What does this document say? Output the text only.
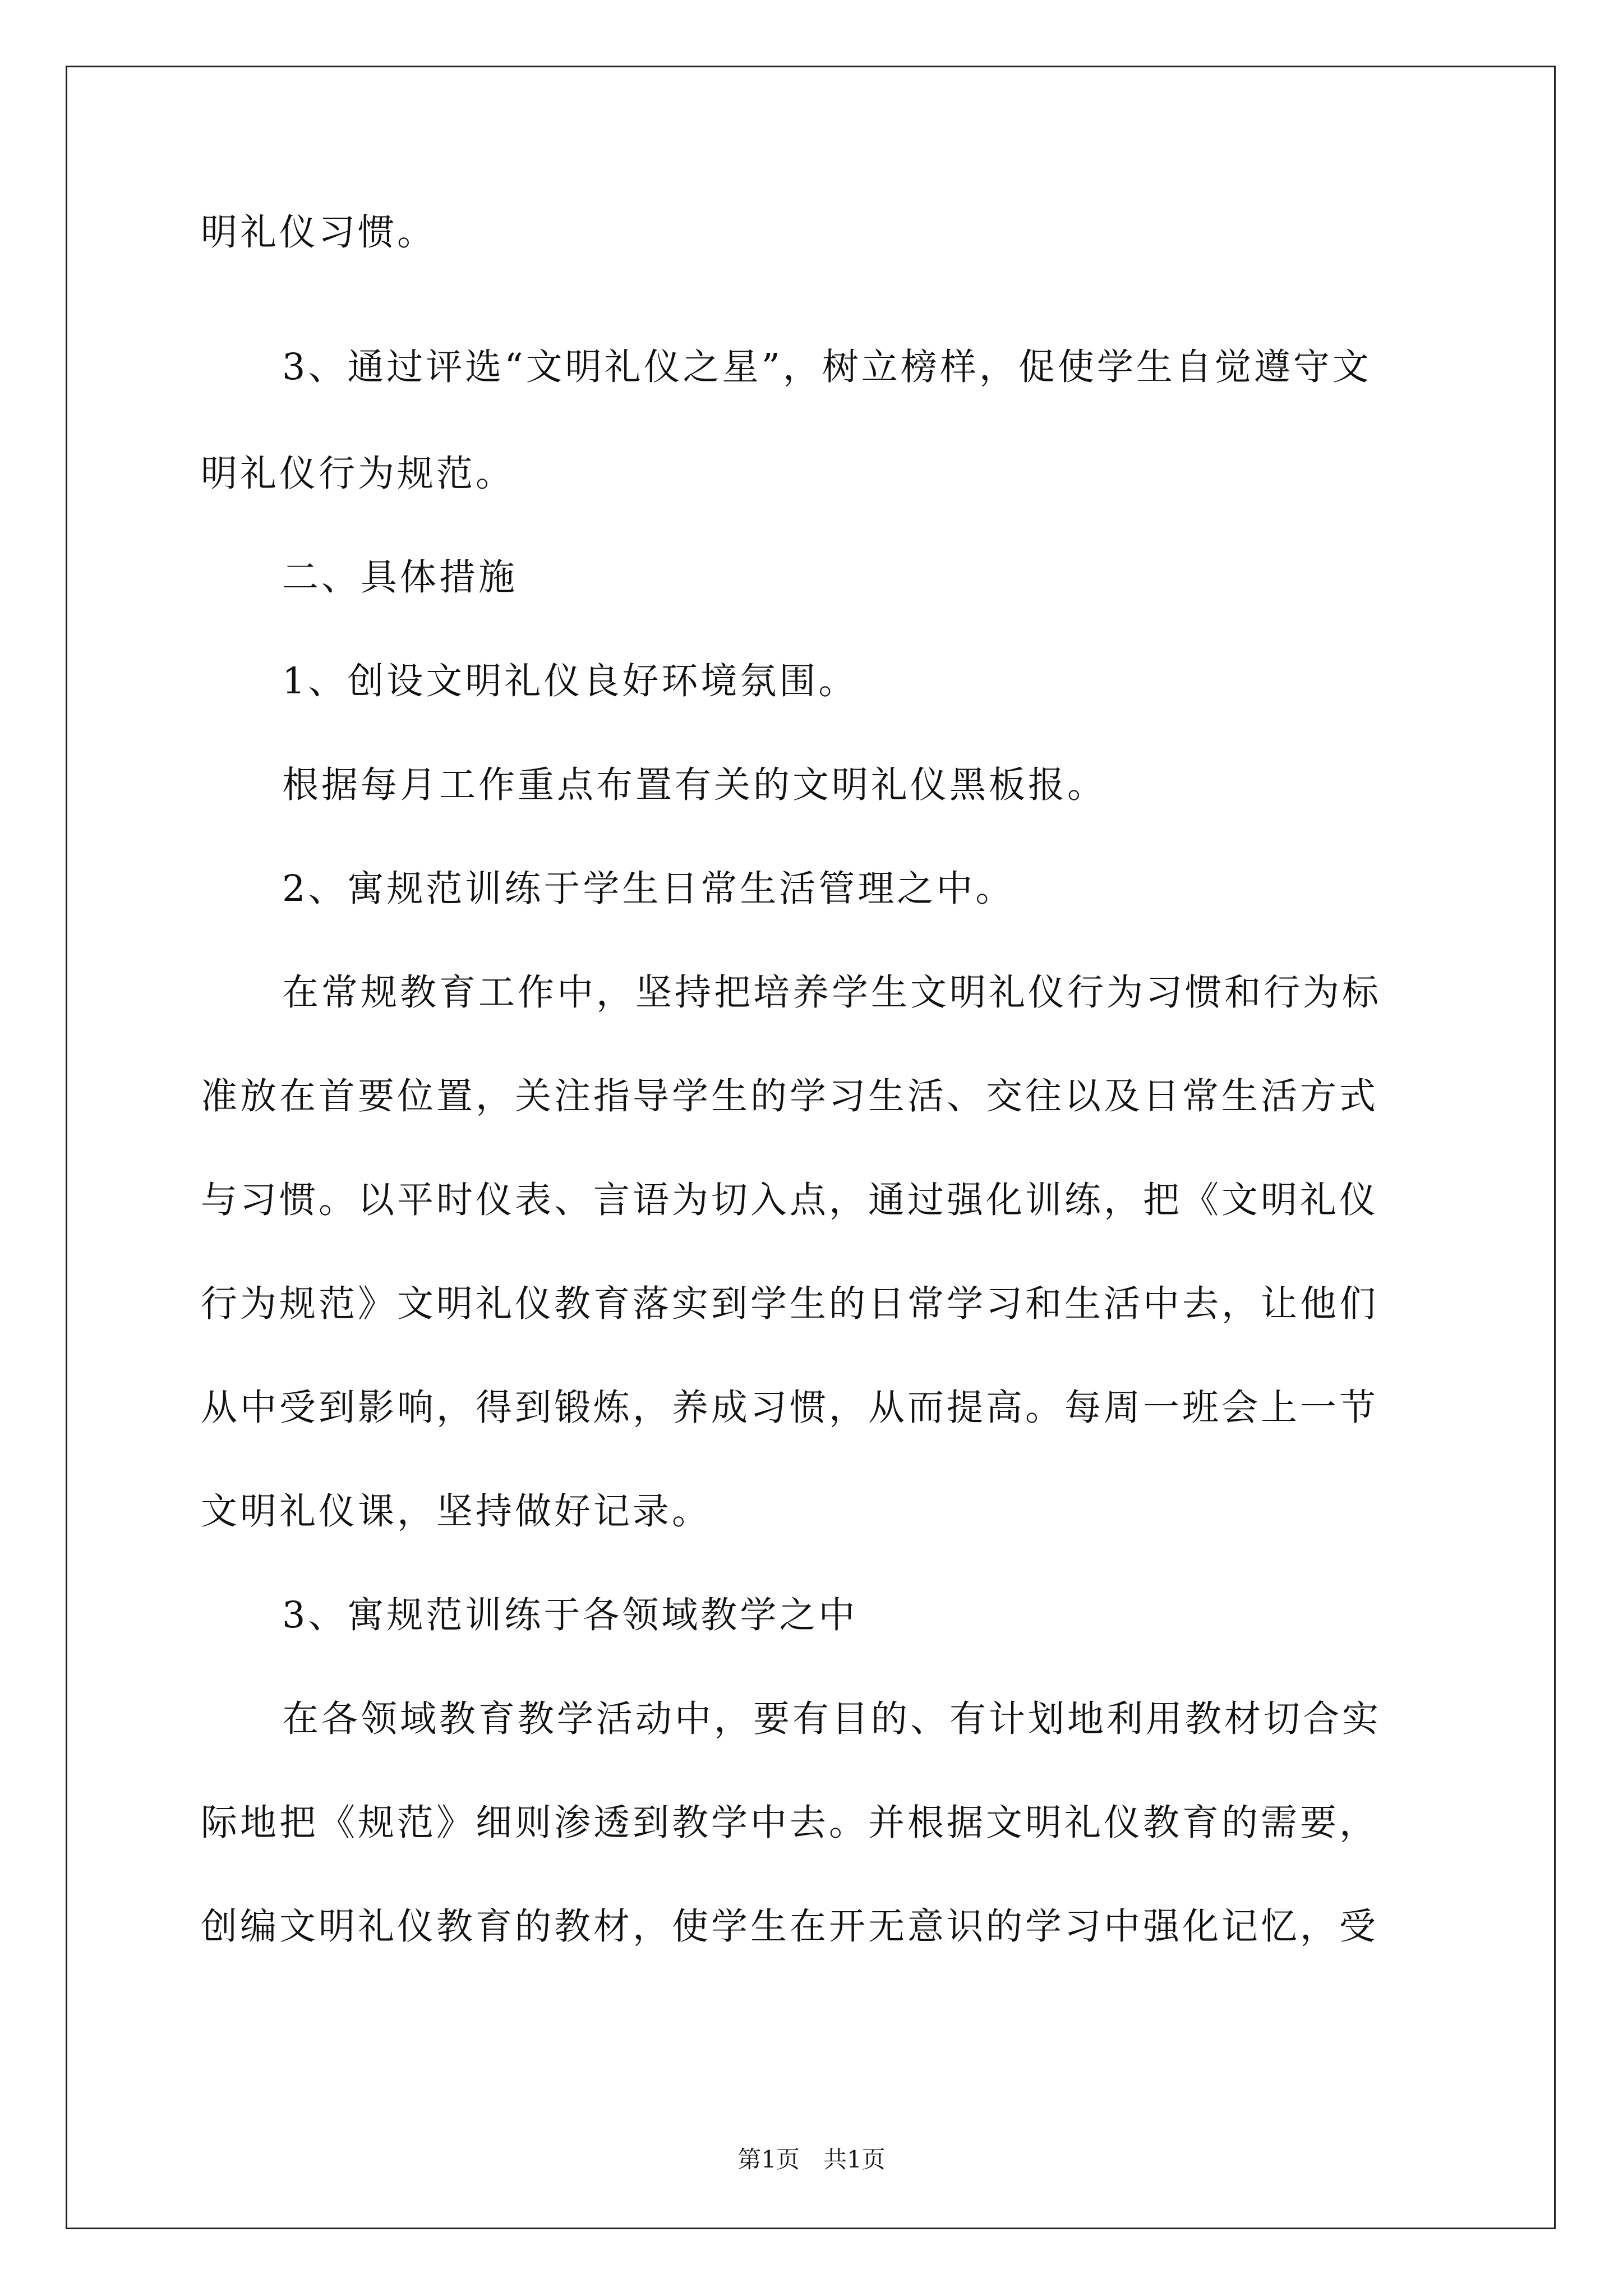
明礼仪习惯。
3、通过评选“文明礼仪之星”，树立榜样，促使学生自觉遵守文
明礼仪行为规范。
二、具体措施
1、创设文明礼仪良好环境氛围。
根据每月工作重点布置有关的文明礼仪黑板报。
2、寓规范训练于学生日常生活管理之中。
在常规教育工作中，坚持把培养学生文明礼仪行为习惯和行为标
准放在首要位置，关注指导学生的学习生活、交往以及日常生活方式
与习惯。以平时仪表、言语为切入点，通过强化训练，把《文明礼仪
行为规范》文明礼仪教育落实到学生的日常学习和生活中去，让他们
从中受到影响，得到锻炼，养成习惯，从而提高。每周一班会上一节
文明礼仪课，坚持做好记录。
3、寓规范训练于各领域教学之中
在各领域教育教学活动中，要有目的、有计划地利用教材切合实
际地把《规范》细则渗透到教学中去。并根据文明礼仪教育的需要，
创编文明礼仪教育的教材，使学生在开无意识的学习中强化记忆，受
第1页　共1页
